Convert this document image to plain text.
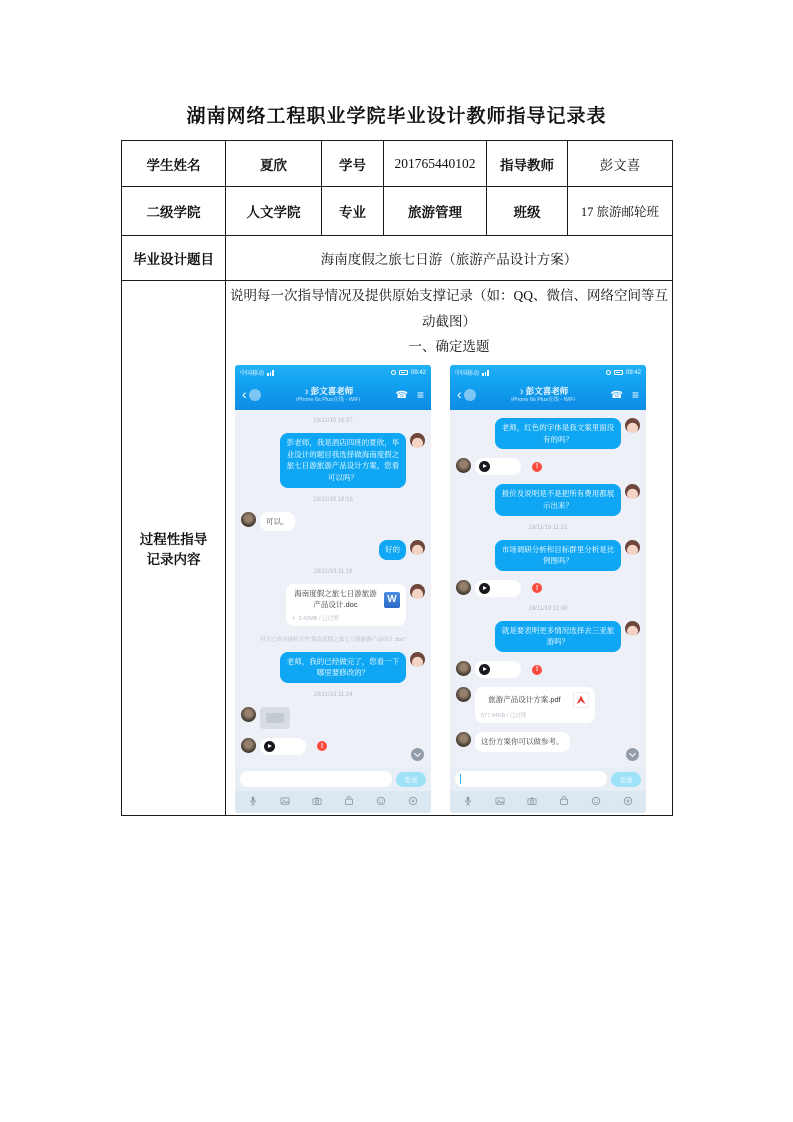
湖南网络工程职业学院毕业设计教师指导记录表
学生姓名	夏欣	学号	201765440102	指导教师	彭文喜
二级学院	人文学院	专业	旅游管理	班级	17 旅游邮轮班
毕业设计题目	海南度假之旅七日游（旅游产品设计方案）				

过程性指导
记录内容

说明每一次指导情况及提供原始支撑记录（如：QQ、微信、网络空间等互动截图）
一、确定选题
中国移动	09:42
‹	☽ 彭文喜老师
iPhone 6s Plus在线 - WiFi	☎ ≡
19/11/10 16:57
彭老师，我是酒店四班的夏欣，毕业设计的题目我选择做海南度假之旅七日游旅游产品设计方案，您看可以吗？
19/11/10 18:16
可以。
好的
19/11/19 11:16
海南度假之旅七日游旅游产品设计.doc	W
↓ 2.42MB / 已过期
对方已成功接收文件“海南度假之旅七日游旅游产品设计.doc”
老师，我的已经做完了，您看一下哪里要修改的？
19/11/19 11:24
!
发送
中国移动	09:42
‹	☽ 彭文喜老师
iPhone 6s Plus在线 - WiFi	☎ ≡
老师，红色的字体是我文案里面没有的吗？
!
报价及说明是不是把所有费用都展示出来？
19/11/19 11:21
市场调研分析和目标群里分析是比例图吗？
!
19/11/19 11:40
就是要表明更多情况选择去三亚旅游吗？
!
旅游产品设计方案.pdf
577.64KB / 已过期
这份方案你可以做参考。
发送
